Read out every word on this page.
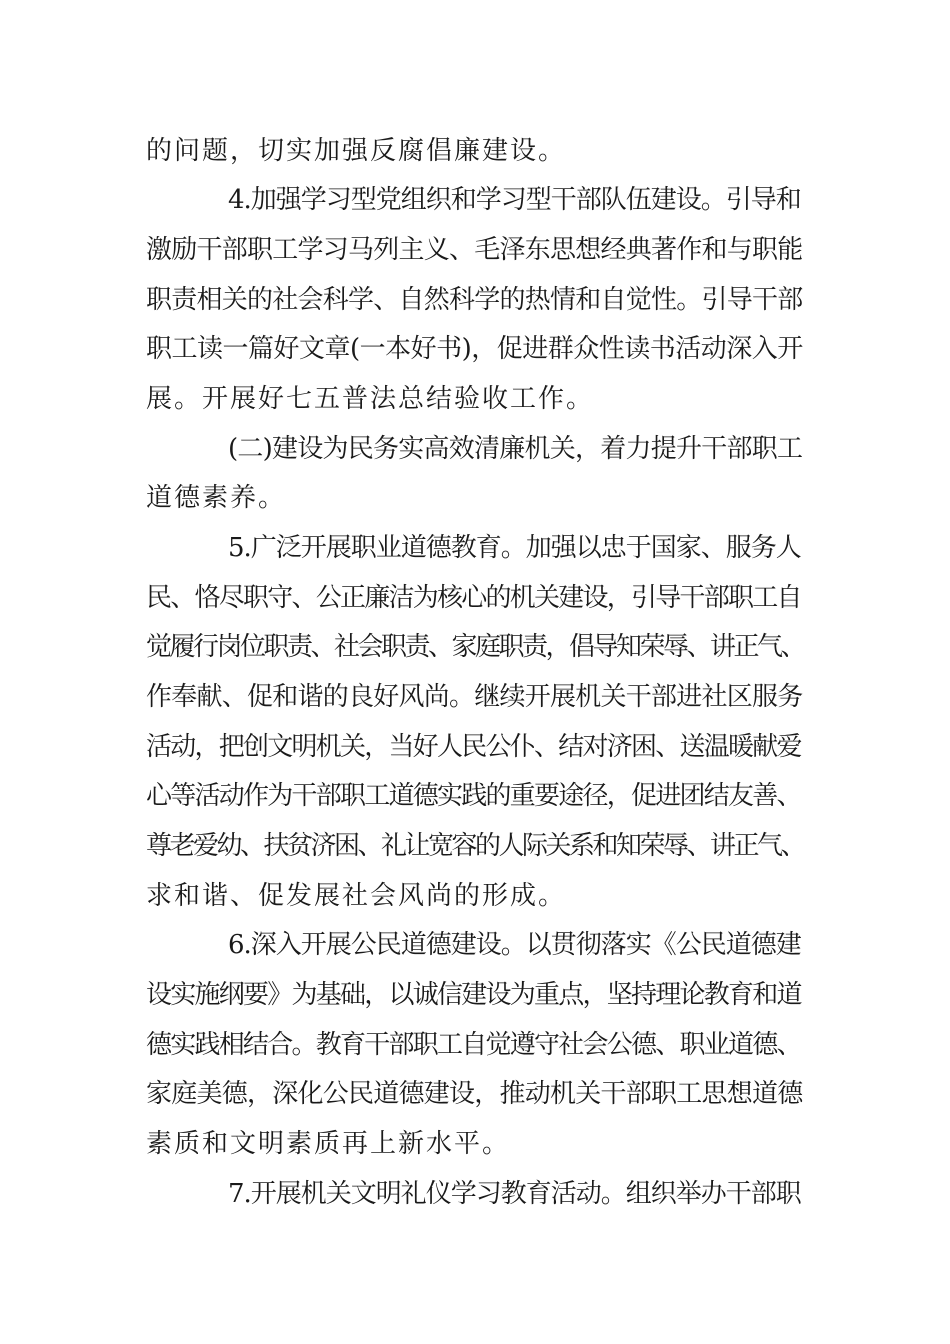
的问题，切实加强反腐倡廉建设。

4.加强学习型党组织和学习型干部队伍建设。引导和

激励干部职工学习马列主义、毛泽东思想经典著作和与职能

职责相关的社会科学、自然科学的热情和自觉性。引导干部

职工读一篇好文章(一本好书)，促进群众性读书活动深入开

展。开展好七五普法总结验收工作。

(二)建设为民务实高效清廉机关，着力提升干部职工

道德素养。

5.广泛开展职业道德教育。加强以忠于国家、服务人

民、恪尽职守、公正廉洁为核心的机关建设，引导干部职工自

觉履行岗位职责、社会职责、家庭职责，倡导知荣辱、讲正气、

作奉献、促和谐的良好风尚。继续开展机关干部进社区服务

活动，把创文明机关，当好人民公仆、结对济困、送温暖献爱

心等活动作为干部职工道德实践的重要途径，促进团结友善、

尊老爱幼、扶贫济困、礼让宽容的人际关系和知荣辱、讲正气、

求和谐、促发展社会风尚的形成。

6.深入开展公民道德建设。以贯彻落实《公民道德建

设实施纲要》为基础，以诚信建设为重点，坚持理论教育和道

德实践相结合。教育干部职工自觉遵守社会公德、职业道德、

家庭美德，深化公民道德建设，推动机关干部职工思想道德

素质和文明素质再上新水平。

7.开展机关文明礼仪学习教育活动。组织举办干部职
